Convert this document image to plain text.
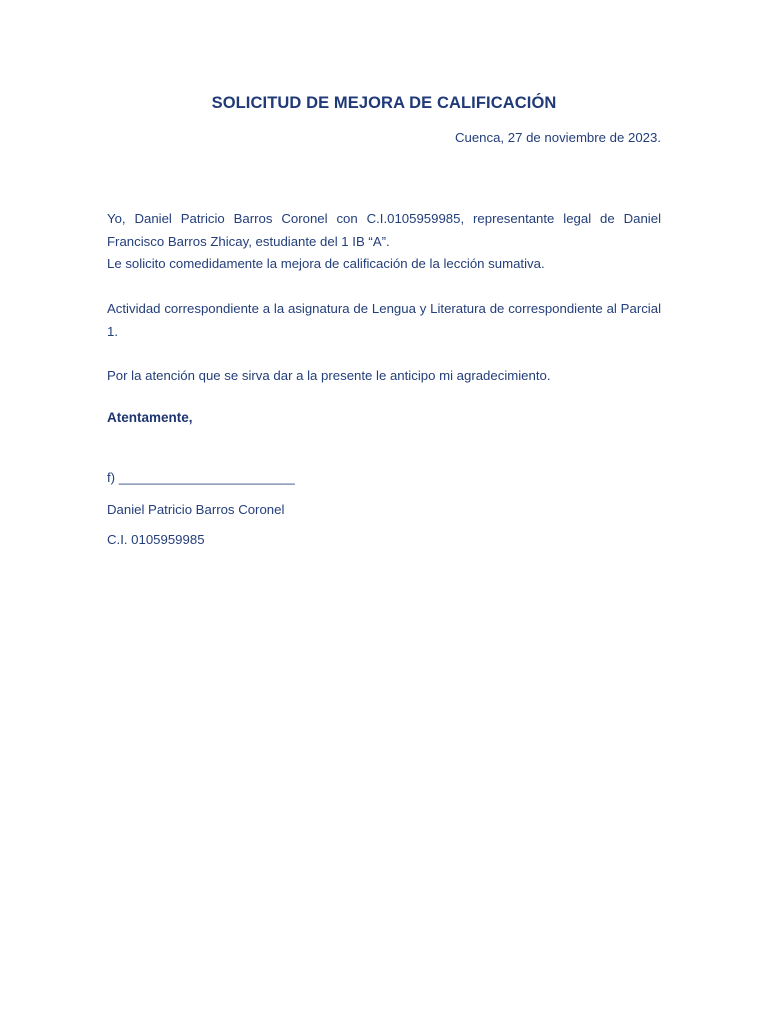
SOLICITUD DE MEJORA DE CALIFICACIÓN
Cuenca, 27 de noviembre de 2023.
Yo, Daniel Patricio Barros Coronel con C.I.0105959985, representante legal de Daniel Francisco Barros Zhicay, estudiante del 1 IB “A”.
Le solicito comedidamente la mejora de calificación de la lección sumativa.
Actividad correspondiente a la asignatura de Lengua y Literatura de correspondiente al Parcial 1.
Por la atención que se sirva dar a la presente le anticipo mi agradecimiento.
Atentamente,
f) ________________________
Daniel Patricio Barros Coronel
C.I. 0105959985
